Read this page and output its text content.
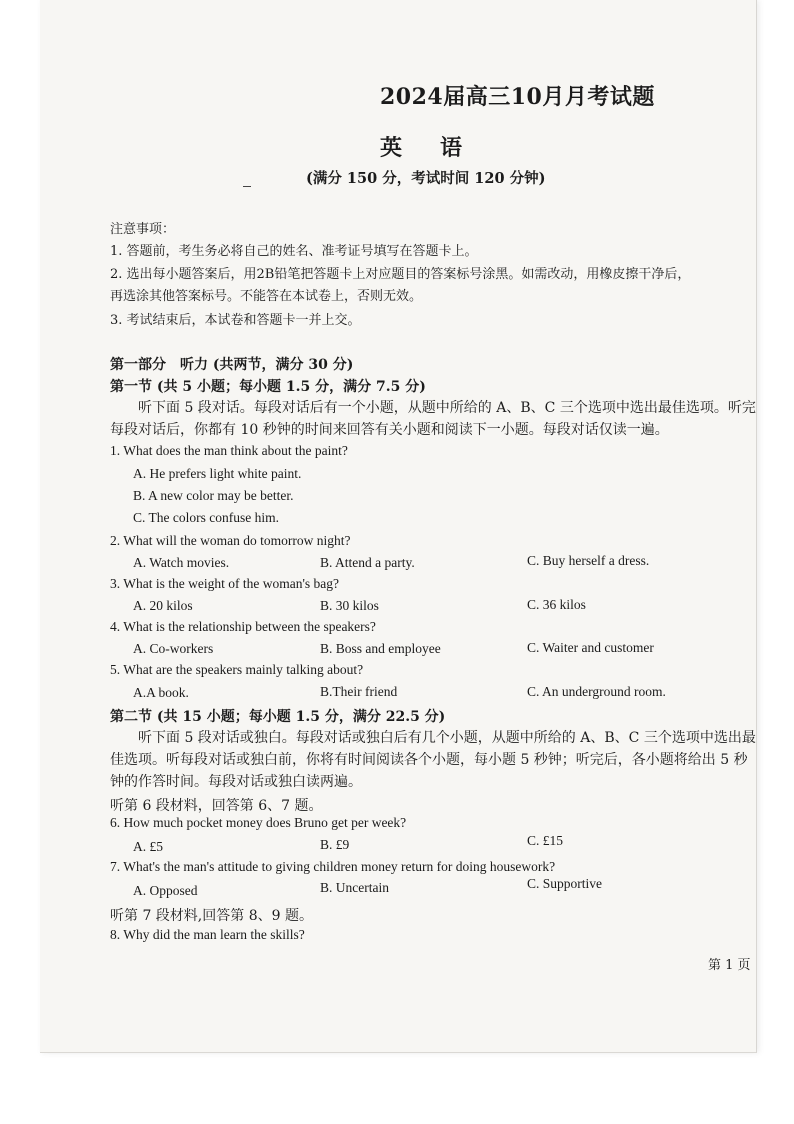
2024届高三10月月考试题
英语
(满分 150 分，考试时间 120 分钟)
注意事项：
1. 答题前，考生务必将自己的姓名、准考证号填写在答题卡上。
2. 选出每小题答案后，用2B铅笔把答题卡上对应题目的答案标号涂黑。如需改动，用橡皮擦干净后，
再选涂其他答案标号。不能答在本试卷上，否则无效。
3. 考试结束后，本试卷和答题卡一并上交。
第一部分　听力 (共两节，满分 30 分)
第一节 (共 5 小题；每小题 1.5 分，满分 7.5 分)
　　听下面 5 段对话。每段对话后有一个小题，从题中所给的 A、B、C 三个选项中选出最佳选项。听完每段对话后，你都有 10 秒钟的时间来回答有关小题和阅读下一小题。每段对话仅读一遍。
1. What does the man think about the paint?
A. He prefers light white paint.
B. A new color may be better.
C. The colors confuse him.
2. What will the woman do tomorrow night?
A. Watch movies.	B. Attend a party.	C. Buy herself a dress.
3. What is the weight of the woman's bag?
A. 20 kilos	B. 30 kilos	C. 36 kilos
4. What is the relationship between the speakers?
A. Co-workers	B. Boss and employee	C. Waiter and customer
5. What are the speakers mainly talking about?
A.A book.	B.Their friend	C. An underground room.
第二节 (共 15 小题；每小题 1.5 分，满分 22.5 分)
　　听下面 5 段对话或独白。每段对话或独白后有几个小题，从题中所给的 A、B、C 三个选项中选出最佳选项。听每段对话或独白前，你将有时间阅读各个小题，每小题 5 秒钟；听完后，各小题将给出 5 秒钟的作答时间。每段对话或独白读两遍。
听第 6 段材料，回答第 6、7 题。
6. How much pocket money does Bruno get per week?
A. £5	B. £9	C. £15
7. What's the man's attitude to giving children money return for doing housework?
A. Opposed	B. Uncertain	C. Supportive
听第 7 段材料,回答第 8、9 题。
8. Why did the man learn the skills?
第 1 页
